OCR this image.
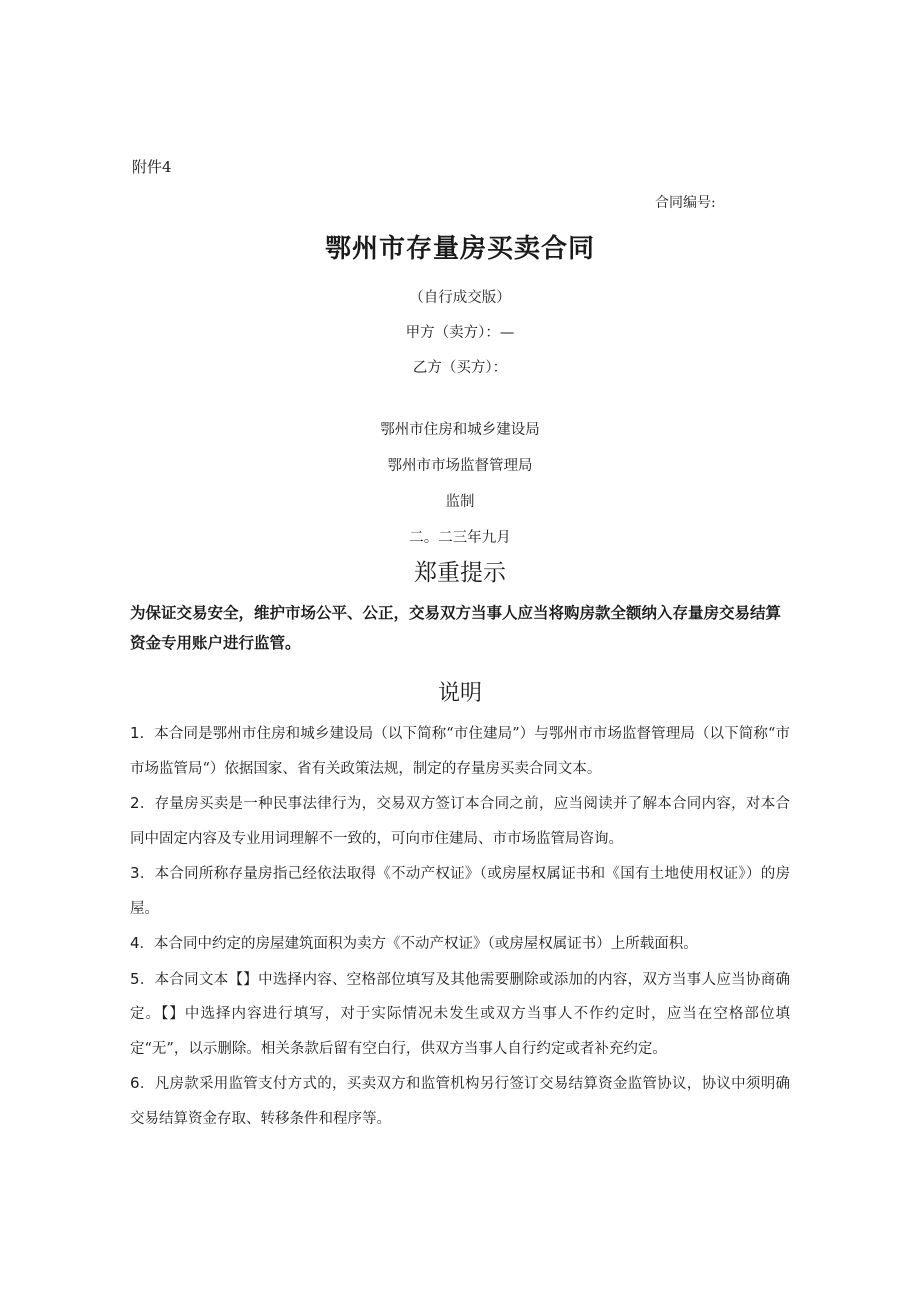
附件4
合同编号:
鄂州市存量房买卖合同
（自行成交版）
甲方（卖方）：—
乙方（买方）：
鄂州市住房和城乡建设局
鄂州市市场监督管理局
监制
二。二三年九月
郑重提示
为保证交易安全，维护市场公平、公正，交易双方当事人应当将购房款全额纳入存量房交易结算资金专用账户进行监管。
说明

1．本合同是鄂州市住房和城乡建设局（以下简称“市住建局”）与鄂州市市场监督管理局（以下简称“市市场监管局“）依据国家、省有关政策法规，制定的存量房买卖合同文本。

2．存量房买卖是一种民事法律行为，交易双方签订本合同之前，应当阅读并了解本合同内容，对本合同中固定内容及专业用词理解不一致的，可向市住建局、市市场监管局咨询。

3．本合同所称存量房指己经依法取得《不动产权证》（或房屋权属证书和《国有土地使用权证》）的房屋。

4．本合同中约定的房屋建筑面积为卖方《不动产权证》（或房屋权属证书）上所载面积。

5．本合同文本【】中选择内容、空格部位填写及其他需要删除或添加的内容，双方当事人应当协商确定。【】中选择内容进行填写，对于实际情况未发生或双方当事人不作约定时，应当在空格部位填定“无”，以示删除。相关条款后留有空白行，供双方当事人自行约定或者补充约定。

6．凡房款采用监管支付方式的，买卖双方和监管机构另行签订交易结算资金监管协议，协议中须明确交易结算资金存取、转移条件和程序等。
